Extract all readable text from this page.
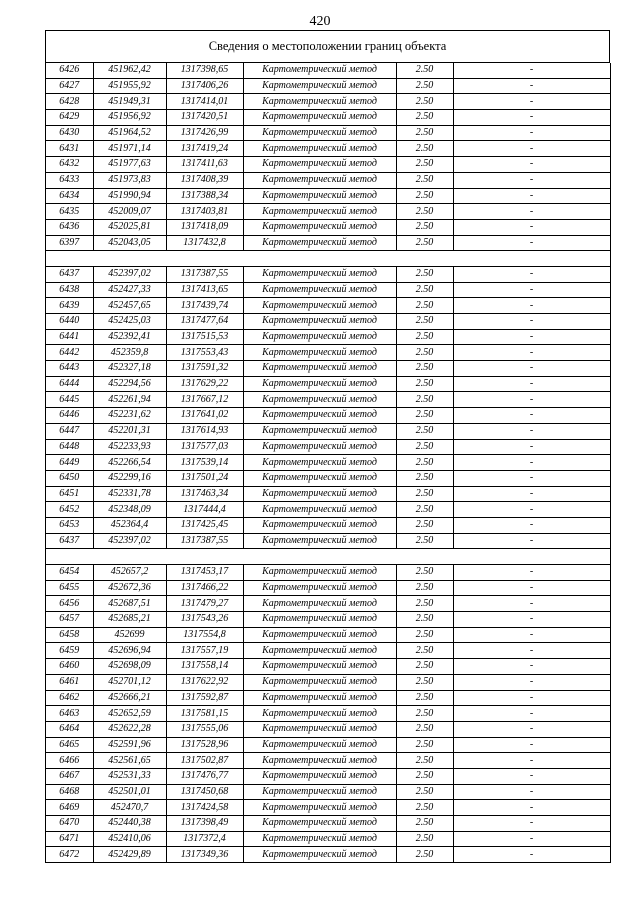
420
Сведения о местоположении границ объекта
6426	451962,42	1317398,65	Картометрический метод	2.50	-
6427	451955,92	1317406,26	Картометрический метод	2.50	-
6428	451949,31	1317414,01	Картометрический метод	2.50	-
6429	451956,92	1317420,51	Картометрический метод	2.50	-
6430	451964,52	1317426,99	Картометрический метод	2.50	-
6431	451971,14	1317419,24	Картометрический метод	2.50	-
6432	451977,63	1317411,63	Картометрический метод	2.50	-
6433	451973,83	1317408,39	Картометрический метод	2.50	-
6434	451990,94	1317388,34	Картометрический метод	2.50	-
6435	452009,07	1317403,81	Картометрический метод	2.50	-
6436	452025,81	1317418,09	Картометрический метод	2.50	-
6397	452043,05	1317432,8	Картометрический метод	2.50	-

6437	452397,02	1317387,55	Картометрический метод	2.50	-
6438	452427,33	1317413,65	Картометрический метод	2.50	-
6439	452457,65	1317439,74	Картометрический метод	2.50	-
6440	452425,03	1317477,64	Картометрический метод	2.50	-
6441	452392,41	1317515,53	Картометрический метод	2.50	-
6442	452359,8	1317553,43	Картометрический метод	2.50	-
6443	452327,18	1317591,32	Картометрический метод	2.50	-
6444	452294,56	1317629,22	Картометрический метод	2.50	-
6445	452261,94	1317667,12	Картометрический метод	2.50	-
6446	452231,62	1317641,02	Картометрический метод	2.50	-
6447	452201,31	1317614,93	Картометрический метод	2.50	-
6448	452233,93	1317577,03	Картометрический метод	2.50	-
6449	452266,54	1317539,14	Картометрический метод	2.50	-
6450	452299,16	1317501,24	Картометрический метод	2.50	-
6451	452331,78	1317463,34	Картометрический метод	2.50	-
6452	452348,09	1317444,4	Картометрический метод	2.50	-
6453	452364,4	1317425,45	Картометрический метод	2.50	-
6437	452397,02	1317387,55	Картометрический метод	2.50	-

6454	452657,2	1317453,17	Картометрический метод	2.50	-
6455	452672,36	1317466,22	Картометрический метод	2.50	-
6456	452687,51	1317479,27	Картометрический метод	2.50	-
6457	452685,21	1317543,26	Картометрический метод	2.50	-
6458	452699	1317554,8	Картометрический метод	2.50	-
6459	452696,94	1317557,19	Картометрический метод	2.50	-
6460	452698,09	1317558,14	Картометрический метод	2.50	-
6461	452701,12	1317622,92	Картометрический метод	2.50	-
6462	452666,21	1317592,87	Картометрический метод	2.50	-
6463	452652,59	1317581,15	Картометрический метод	2.50	-
6464	452622,28	1317555,06	Картометрический метод	2.50	-
6465	452591,96	1317528,96	Картометрический метод	2.50	-
6466	452561,65	1317502,87	Картометрический метод	2.50	-
6467	452531,33	1317476,77	Картометрический метод	2.50	-
6468	452501,01	1317450,68	Картометрический метод	2.50	-
6469	452470,7	1317424,58	Картометрический метод	2.50	-
6470	452440,38	1317398,49	Картометрический метод	2.50	-
6471	452410,06	1317372,4	Картометрический метод	2.50	-
6472	452429,89	1317349,36	Картометрический метод	2.50	-
